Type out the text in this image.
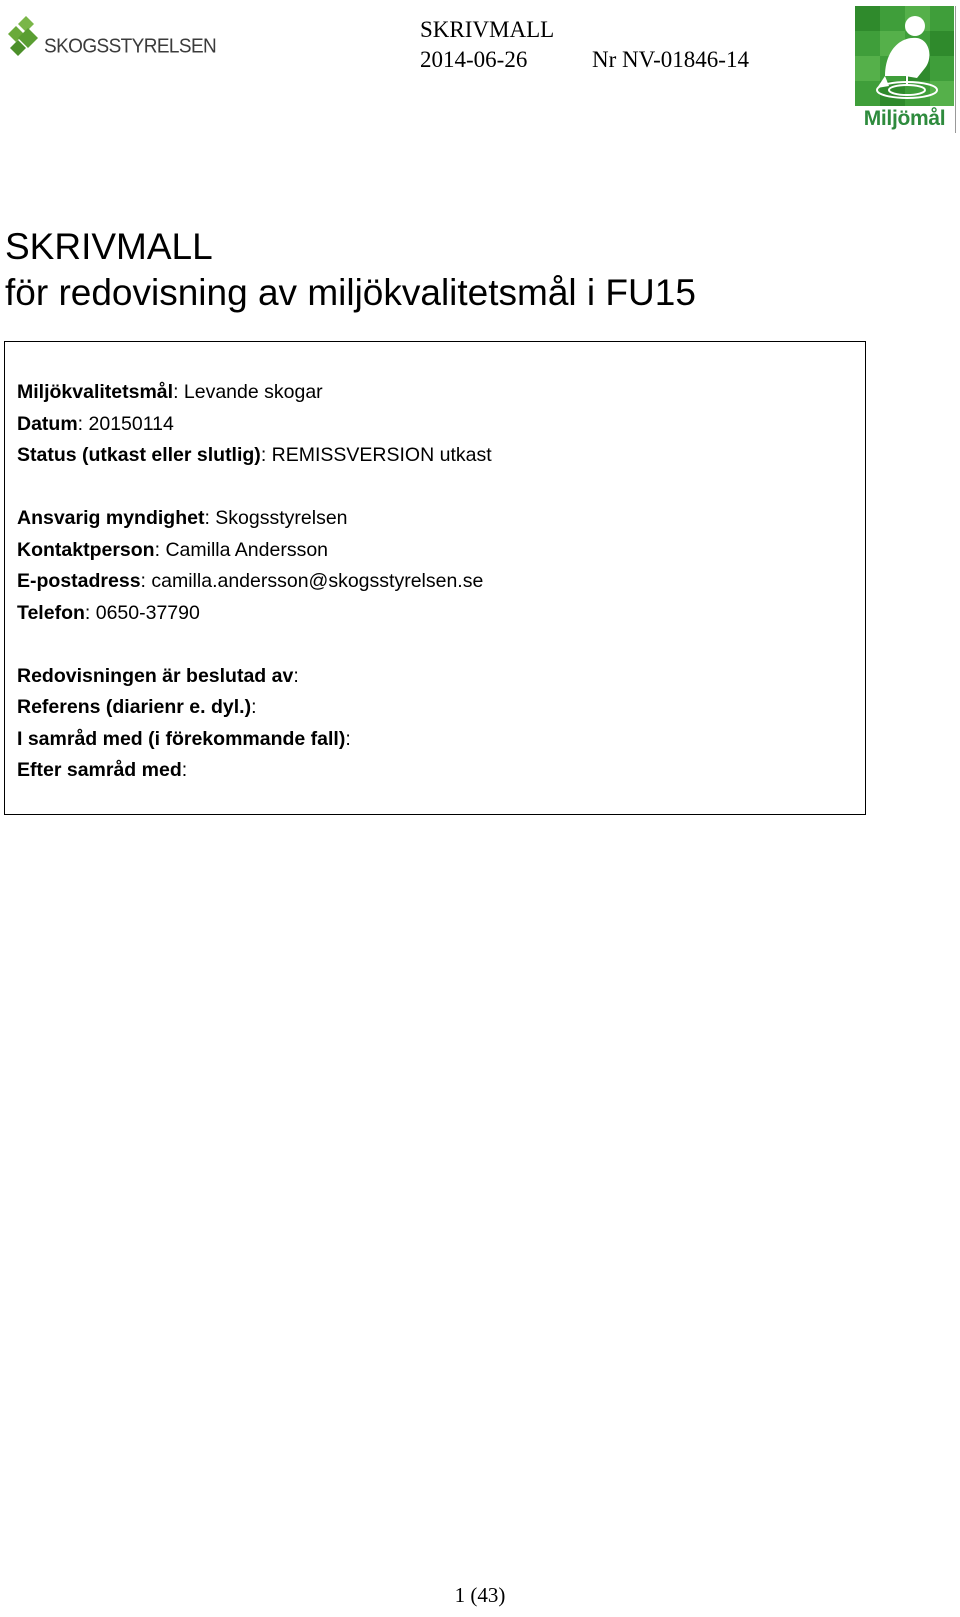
SKOGSSTYRELSEN
SKRIVMALL
2014-06-26	Nr NV-01846-14
Miljömål
SKRIVMALL
för redovisning av miljökvalitetsmål i FU15
Miljökvalitetsmål: Levande skogar
Datum: 20150114
Status (utkast eller slutlig): REMISSVERSION utkast
Ansvarig myndighet: Skogsstyrelsen
Kontaktperson: Camilla Andersson
E-postadress: camilla.andersson@skogsstyrelsen.se
Telefon: 0650-37790
Redovisningen är beslutad av:
Referens (diarienr e. dyl.):
I samråd med (i förekommande fall):
Efter samråd med:
1 (43)
